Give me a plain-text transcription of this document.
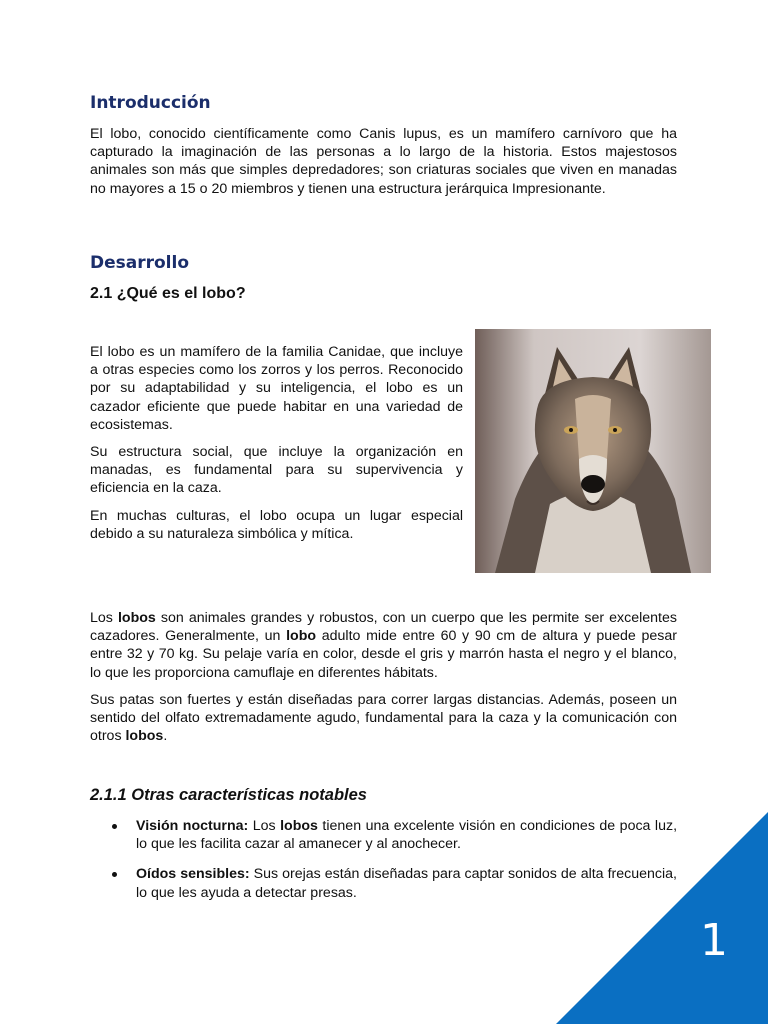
Introducción

El lobo, conocido científicamente como Canis lupus, es un mamífero carnívoro que ha capturado la imaginación de las personas a lo largo de la historia. Estos majestosos animales son más que simples depredadores; son criaturas sociales que viven en manadas no mayores a 15 o 20 miembros y tienen una estructura jerárquica Impresionante.

Desarrollo
2.1 ¿Qué es el lobo?

El lobo es un mamífero de la familia Canidae, que incluye a otras especies como los zorros y los perros. Reconocido por su adaptabilidad y su inteligencia, el lobo es un cazador eficiente que puede habitar en una variedad de ecosistemas.

Su estructura social, que incluye la organización en manadas, es fundamental para su supervivencia y eficiencia en la caza.

En muchas culturas, el lobo ocupa un lugar especial debido a su naturaleza simbólica y mítica.

Los lobos son animales grandes y robustos, con un cuerpo que les permite ser excelentes cazadores. Generalmente, un lobo adulto mide entre 60 y 90 cm de altura y puede pesar entre 32 y 70 kg. Su pelaje varía en color, desde el gris y marrón hasta el negro y el blanco, lo que les proporciona camuflaje en diferentes hábitats.

Sus patas son fuertes y están diseñadas para correr largas distancias. Además, poseen un sentido del olfato extremadamente agudo, fundamental para la caza y la comunicación con otros lobos.

2.1.1 Otras características notables
Visión nocturna: Los lobos tienen una excelente visión en condiciones de poca luz, lo que les facilita cazar al amanecer y al anochecer.
Oídos sensibles: Sus orejas están diseñadas para captar sonidos de alta frecuencia, lo que les ayuda a detectar presas.
1
